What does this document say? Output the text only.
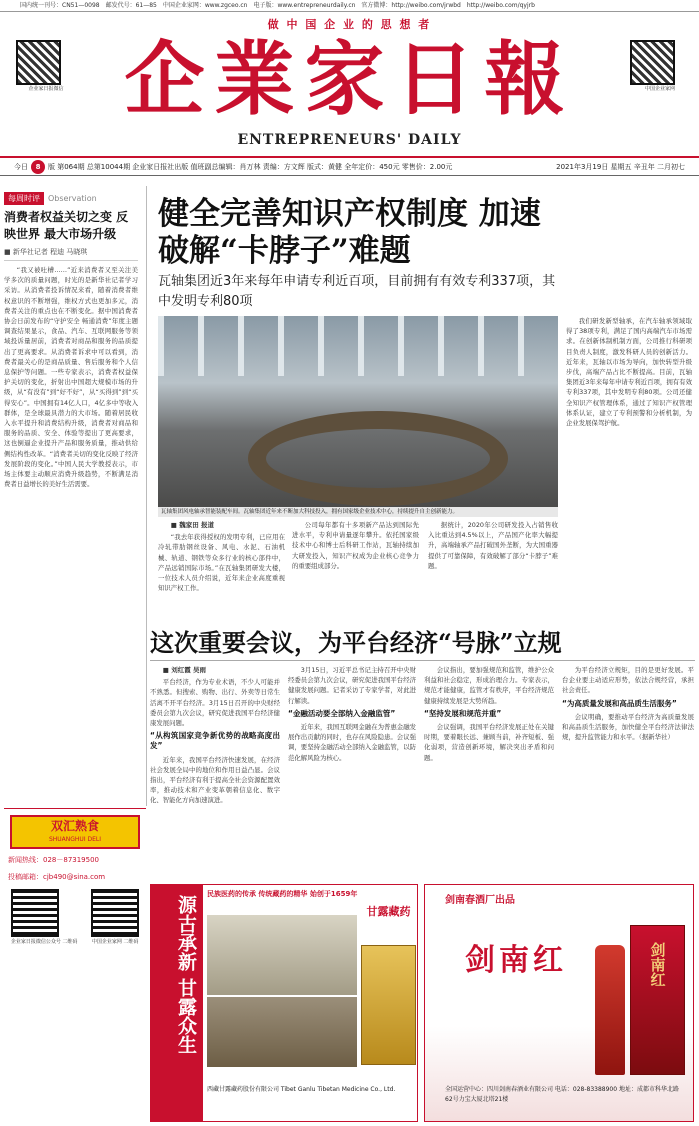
国内统一刊号：CN51—0098　邮发代号：61—85　中国企业家网：www.zgceo.cn　电子版：www.entrepreneurdaily.cn　官方微博：http://weibo.com/jrwbd　http://weibo.com/qyjrb
做 中 国 企 业 的 思 想 者
企業家日報
ENTREPRENEURS' DAILY
企业家日报微信	中国企业家网
今日 8 版 第064期 总第10044期 企业家日报社出版 值班副总编辑：肖万林 责编：方文辉 版式：黄健 全年定价：450元 零售价：2.00元	2021年3月19日 星期五 辛丑年 二月初七
每周时评 Observation
消费者权益关切之变 反映世界 最大市场升级
■ 新华社记者 程迪 马晓琪
“我又被吐槽……”近来消费者又至关注美学多次的质量问题，时光的是新华社记者学习采访。从消费者投诉情况来看，随着消费者维权意识的不断增强，维权方式也更加多元，消费者关注的重点也在不断变化。据中国消费者协会日前发布的“守护安全 畅通消费”年度主题调查结果显示，食品、汽车、互联网服务等领域投诉量居前，消费者对商品和服务的品质提出了更高要求。从消费者诉求中可以看到，消费者最关心的是商品质量、售后服务和个人信息保护等问题。一些专家表示，消费者权益保护关切的变化，折射出中国超大规模市场的升级，从“有没有”到“好不好”，从“买得到”到“买得安心”。中国拥有14亿人口，4亿多中等收入群体，是全球最具潜力的大市场。随着居民收入水平提升和消费结构升级，消费者对商品和服务的品质、安全、体验等提出了更高要求，这也倒逼企业提升产品和服务质量，推动供给侧结构性改革。“消费者关切的变化反映了经济发展阶段的变化。”中国人民大学教授表示，市场主体要主动顺应消费升级趋势，不断满足消费者日益增长的美好生活需要。
健全完善知识产权制度 加速破解“卡脖子”难题
瓦轴集团近3年来每年申请专利近百项，目前拥有有效专利337项，其中发明专利80项
瓦轴集团风电轴承智能装配车间。瓦轴集团近年来不断加大科技投入，拥有国家级企业技术中心，持续提升自主创新能力。
■ 魏家田 报道
“我去年获得授权的发明专利，已应用在冷轧带肋钢丝设备、风电、水泥、石油机械、轨道、钢铁等众多行业的核心部件中，产品远销国际市场。”在瓦轴集团研发大楼，一位技术人员介绍说，近年来企业高度重视知识产权工作。
公司每年都有十多项新产品达到国际先进水平，专利申请量逐年攀升。依托国家级技术中心和博士后科研工作站，瓦轴持续加大研发投入，知识产权成为企业核心竞争力的重要组成部分。
据统计，2020年公司研发投入占销售收入比重达到4.5%以上，产品国产化率大幅提升，高端轴承产品打破国外垄断，为大国重器提供了可靠保障，有效破解了部分“卡脖子”难题。
我们研发新型轴承，在汽车轴承领域取得了38项专利，满足了国内高端汽车市场需求。在创新体制机制方面，公司推行科研项目负责人制度，激发科研人员的创新活力。近年来，瓦轴以市场为导向，加快转型升级步伐，高端产品占比不断提高。目前，瓦轴集团近3年来每年申请专利近百项，拥有有效专利337项，其中发明专利80项。公司还健全知识产权管理体系，通过了知识产权管理体系认证，建立了专利预警和分析机制，为企业发展保驾护航。
这次重要会议，为平台经济“号脉”立规
■ 刘红霞 吴雨
平台经济，作为专业术语，不少人可能并不熟悉。但搜索、购物、出行、外卖等日常生活离不开平台经济。3月15日召开的中央财经委员会第九次会议，研究促进我国平台经济健康发展问题。
“从构筑国家竞争新优势的战略高度出发”
近年来，我国平台经济快速发展，在经济社会发展全局中的地位和作用日益凸显。会议指出，平台经济有利于提高全社会资源配置效率，推动技术和产业变革朝着信息化、数字化、智能化方向加速演进。
3月15日，习近平总书记主持召开中央财经委员会第九次会议，研究促进我国平台经济健康发展问题。记者采访了专家学者，对此进行解读。
“金融活动要全部纳入金融监管”
近年来，我国互联网金融在为普惠金融发展作出贡献的同时，也存在风险隐患。会议强调，要坚持金融活动全部纳入金融监管，以防范化解风险为核心。
会议指出，要加强规范和监管，维护公众利益和社会稳定，形成治理合力。专家表示，规范才能健康，监管才有秩序，平台经济规范健康持续发展是大势所趋。
“坚持发展和规范并重”
会议强调，我国平台经济发展正处在关键时期，要着眼长远、兼顾当前，补齐短板、强化弱项，营造创新环境，解决突出矛盾和问题。
为平台经济立规矩，目的是更好发展。平台企业要主动适应形势，依法合规经营，承担社会责任。
“为高质量发展和高品质生活服务”
会议明确，要推动平台经济为高质量发展和高品质生活服务，加快健全平台经济法律法规，提升监管能力和水平。（据新华社）
双汇熟食
SHUANGHUI DELI
新闻热线：028－87319500
投稿邮箱：cjb490@sina.com
企业家日报微信公众号 二维码	中国企业家网 二维码	源古承新 甘露众生
民族医药的传承 传统藏药的精华 始创于1659年
甘露藏药
西藏甘露藏药股份有限公司 Tibet Ganlu Tibetan Medicine Co., Ltd.
剑南春酒厂出品
剑南红	剑南红
全国运营中心：四川剑南春酒业有限公司 电话：028-83388900 地址：成都市科华北路62号力宝大厦北塔21楼
